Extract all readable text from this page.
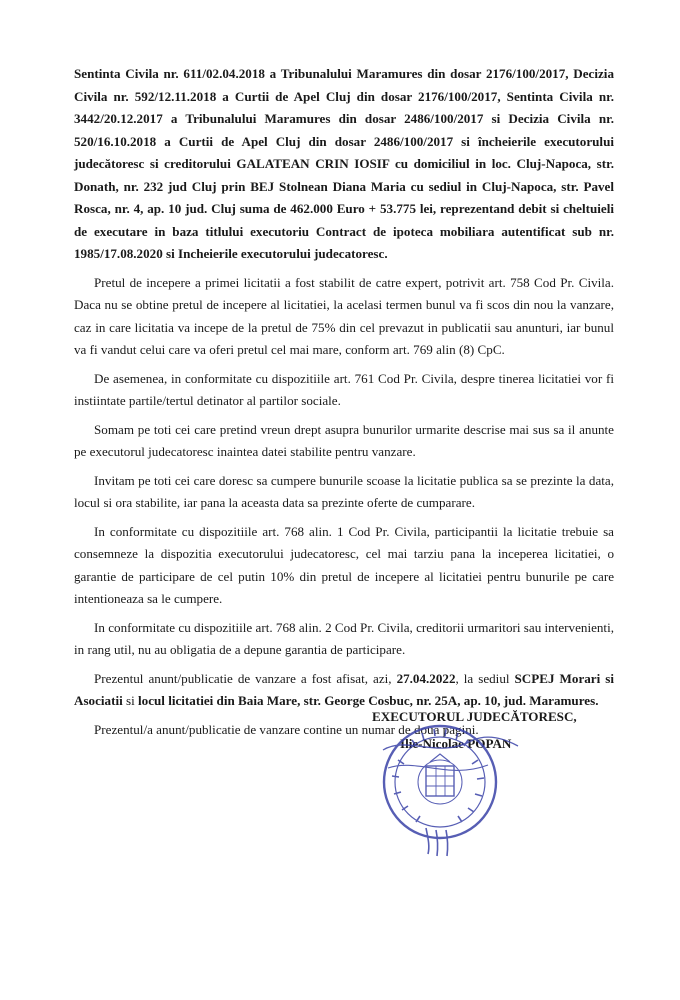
Sentinta Civila nr. 611/02.04.2018 a Tribunalului Maramures din dosar 2176/100/2017, Decizia Civila nr. 592/12.11.2018 a Curtii de Apel Cluj din dosar 2176/100/2017, Sentinta Civila nr. 3442/20.12.2017 a Tribunalului Maramures din dosar 2486/100/2017 si Decizia Civila nr. 520/16.10.2018 a Curtii de Apel Cluj din dosar 2486/100/2017 si încheierile executorului judecătoresc si creditorului GALATEAN CRIN IOSIF cu domiciliul in loc. Cluj-Napoca, str. Donath, nr. 232 jud Cluj prin BEJ Stolnean Diana Maria cu sediul in Cluj-Napoca, str. Pavel Rosca, nr. 4, ap. 10 jud. Cluj suma de 462.000 Euro + 53.775 lei, reprezentand debit si cheltuieli de executare in baza titlului executoriu Contract de ipoteca mobiliara autentificat sub nr. 1985/17.08.2020 si Incheierile executorului judecatoresc.

Pretul de incepere a primei licitatii a fost stabilit de catre expert, potrivit art. 758 Cod Pr. Civila. Daca nu se obtine pretul de incepere al licitatiei, la acelasi termen bunul va fi scos din nou la vanzare, caz in care licitatia va incepe de la pretul de 75% din cel prevazut in publicatii sau anunturi, iar bunul va fi vandut celui care va oferi pretul cel mai mare, conform art. 769 alin (8) CpC.

De asemenea, in conformitate cu dispozitiile art. 761 Cod Pr. Civila, despre tinerea licitatiei vor fi instiintate partile/tertul detinator al partilor sociale.

Somam pe toti cei care pretind vreun drept asupra bunurilor urmarite descrise mai sus sa il anunte pe executorul judecatoresc inaintea datei stabilite pentru vanzare.

Invitam pe toti cei care doresc sa cumpere bunurile scoase la licitatie publica sa se prezinte la data, locul si ora stabilite, iar pana la aceasta data sa prezinte oferte de cumparare.

In conformitate cu dispozitiile art. 768 alin. 1 Cod Pr. Civila, participantii la licitatie trebuie sa consemneze la dispozitia executorului judecatoresc, cel mai tarziu pana la inceperea licitatiei, o garantie de participare de cel putin 10% din pretul de incepere al licitatiei pentru bunurile pe care intentioneaza sa le cumpere.

In conformitate cu dispozitiile art. 768 alin. 2 Cod Pr. Civila, creditorii urmaritori sau intervenienti, in rang util, nu au obligatia de a depune garantia de participare.

Prezentul anunt/publicatie de vanzare a fost afisat, azi, 27.04.2022, la sediul SCPEJ Morari si Asociatii si locul licitatiei din Baia Mare, str. George Cosbuc, nr. 25A, ap. 10, jud. Maramures.

Prezentul/a anunt/publicatie de vanzare contine un numar de doua pagini.

EXECUTORUL JUDECĂTORESC,
Ilie-Nicolae POPAN
